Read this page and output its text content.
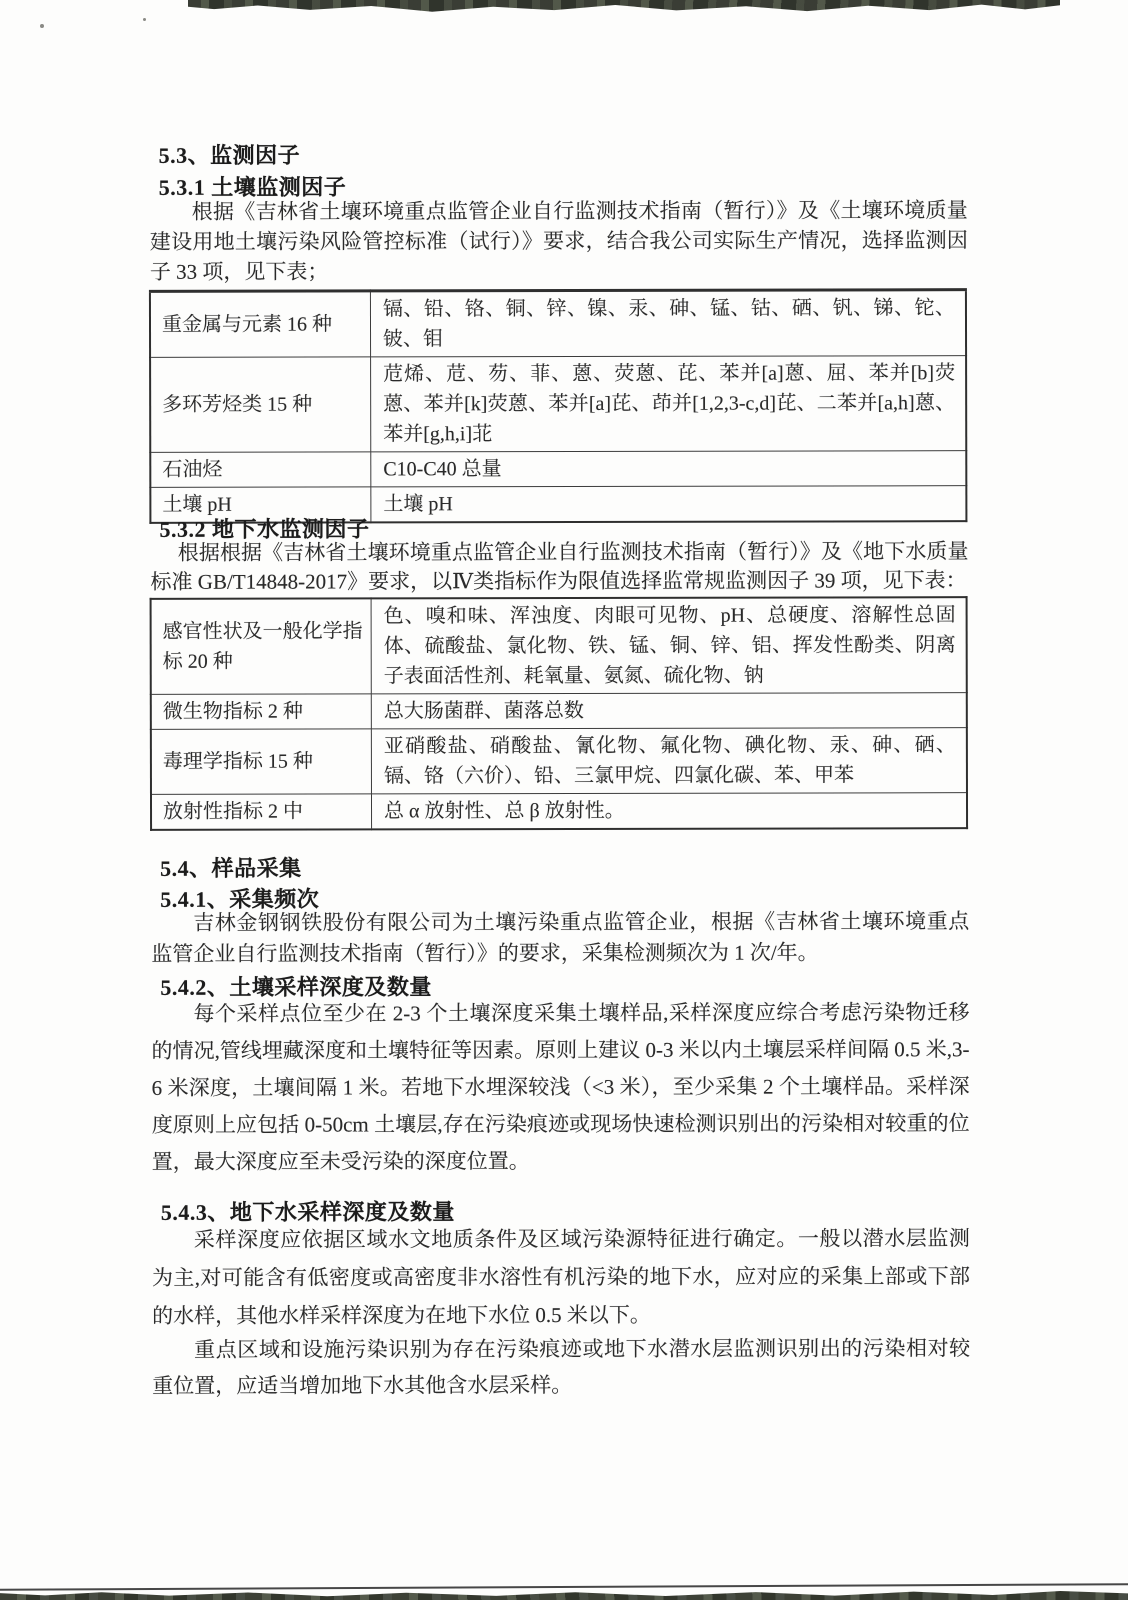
5.3、监测因子
5.3.1 土壤监测因子
根据《吉林省土壤环境重点监管企业自行监测技术指南（暂行）》及《土壤环境质量建设用地土壤污染风险管控标准（试行）》要求，结合我公司实际生产情况，选择监测因子 33 项，见下表；
重金属与元素 16 种	镉、铅、铬、铜、锌、镍、汞、砷、锰、钴、硒、钒、锑、铊、铍、钼
多环芳烃类 15 种	苊烯、苊、芴、菲、蒽、荧蒽、芘、苯并[a]蒽、屈、苯并[b]荧蒽、苯并[k]荧蒽、苯并[a]芘、茚并[1,2,3-c,d]芘、二苯并[a,h]蒽、苯并[g,h,i]苝
石油烃	C10-C40 总量
土壤 pH	土壤 pH
5.3.2 地下水监测因子
根据根据《吉林省土壤环境重点监管企业自行监测技术指南（暂行）》及《地下水质量标准 GB/T14848-2017》要求，以Ⅳ类指标作为限值选择监常规监测因子 39 项，见下表：
感官性状及一般化学指标 20 种	色、嗅和味、浑浊度、肉眼可见物、pH、总硬度、溶解性总固体、硫酸盐、氯化物、铁、锰、铜、锌、铝、挥发性酚类、阴离子表面活性剂、耗氧量、氨氮、硫化物、钠
微生物指标 2 种	总大肠菌群、菌落总数
毒理学指标 15 种	亚硝酸盐、硝酸盐、氰化物、氟化物、碘化物、汞、砷、硒、镉、铬（六价）、铅、三氯甲烷、四氯化碳、苯、甲苯
放射性指标 2 中	总 α 放射性、总 β 放射性。
5.4、样品采集
5.4.1、采集频次
吉林金钢钢铁股份有限公司为土壤污染重点监管企业，根据《吉林省土壤环境重点监管企业自行监测技术指南（暂行）》的要求，采集检测频次为 1 次/年。
5.4.2、土壤采样深度及数量
每个采样点位至少在 2-3 个土壤深度采集土壤样品,采样深度应综合考虑污染物迁移的情况,管线埋藏深度和土壤特征等因素。原则上建议 0-3 米以内土壤层采样间隔 0.5 米,3-6 米深度，土壤间隔 1 米。若地下水埋深较浅（<3 米），至少采集 2 个土壤样品。采样深度原则上应包括 0-50cm 土壤层,存在污染痕迹或现场快速检测识别出的污染相对较重的位置，最大深度应至未受污染的深度位置。
5.4.3、地下水采样深度及数量
采样深度应依据区域水文地质条件及区域污染源特征进行确定。一般以潜水层监测为主,对可能含有低密度或高密度非水溶性有机污染的地下水，应对应的采集上部或下部的水样，其他水样采样深度为在地下水位 0.5 米以下。
重点区域和设施污染识别为存在污染痕迹或地下水潜水层监测识别出的污染相对较重位置，应适当增加地下水其他含水层采样。
